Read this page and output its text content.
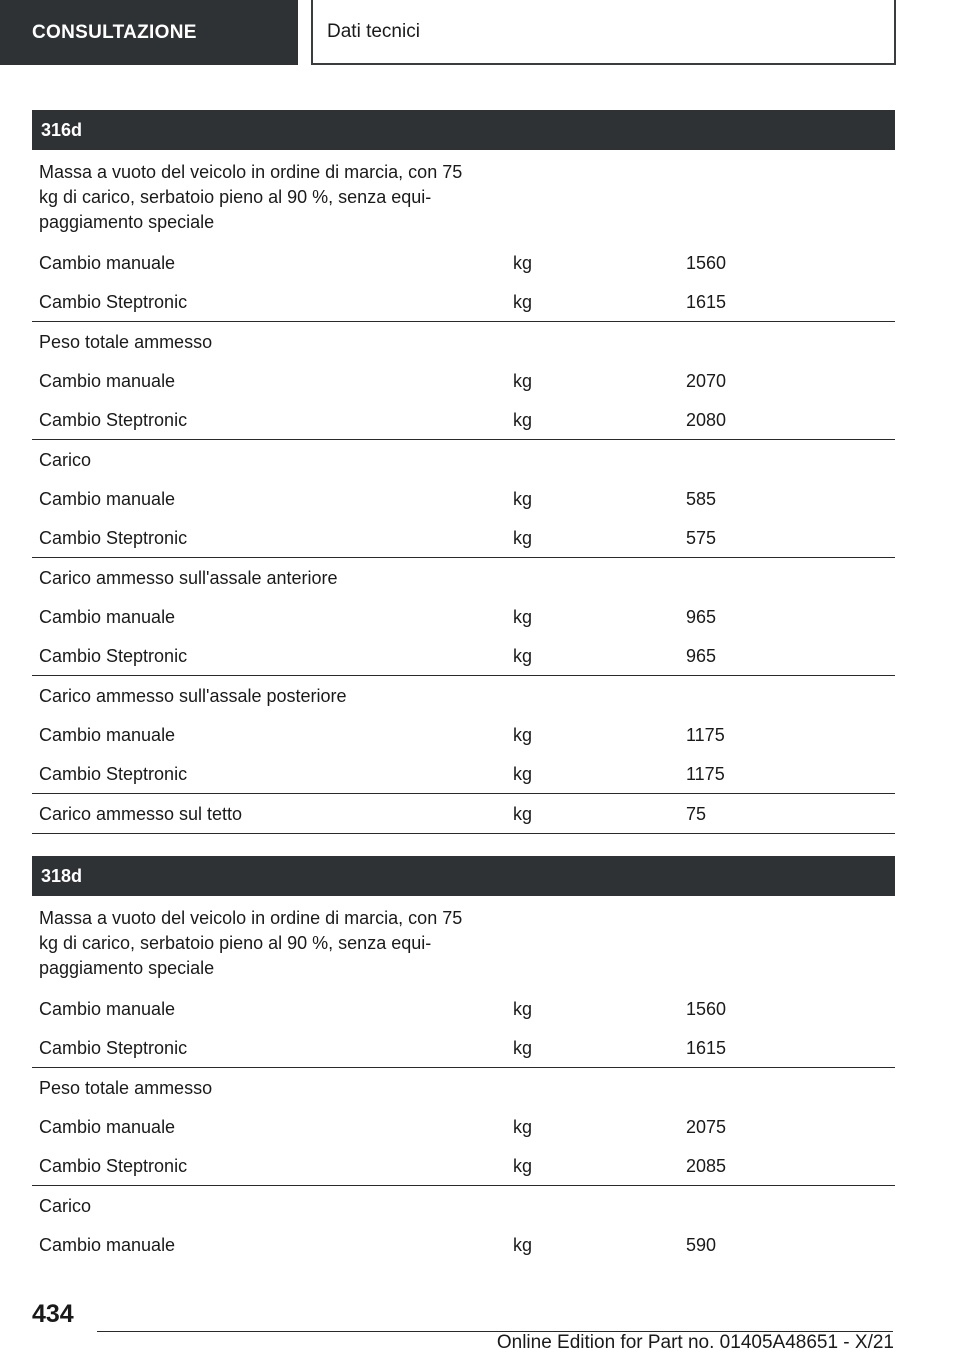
CONSULTAZIONE	Dati tecnici
316d
Massa a vuoto del veicolo in ordine di marcia, con 75 kg di carico, serbatoio pieno al 90 %, senza equi-paggiamento speciale
Cambio manuale	kg	1560
Cambio Steptronic	kg	1615
Peso totale ammesso
Cambio manuale	kg	2070
Cambio Steptronic	kg	2080
Carico
Cambio manuale	kg	585
Cambio Steptronic	kg	575
Carico ammesso sull'assale anteriore
Cambio manuale	kg	965
Cambio Steptronic	kg	965
Carico ammesso sull'assale posteriore
Cambio manuale	kg	1175
Cambio Steptronic	kg	1175
Carico ammesso sul tetto	kg	75
318d
Massa a vuoto del veicolo in ordine di marcia, con 75 kg di carico, serbatoio pieno al 90 %, senza equi-paggiamento speciale
Cambio manuale	kg	1560
Cambio Steptronic	kg	1615
Peso totale ammesso
Cambio manuale	kg	2075
Cambio Steptronic	kg	2085
Carico
Cambio manuale	kg	590
434
Online Edition for Part no. 01405A48651 - X/21
